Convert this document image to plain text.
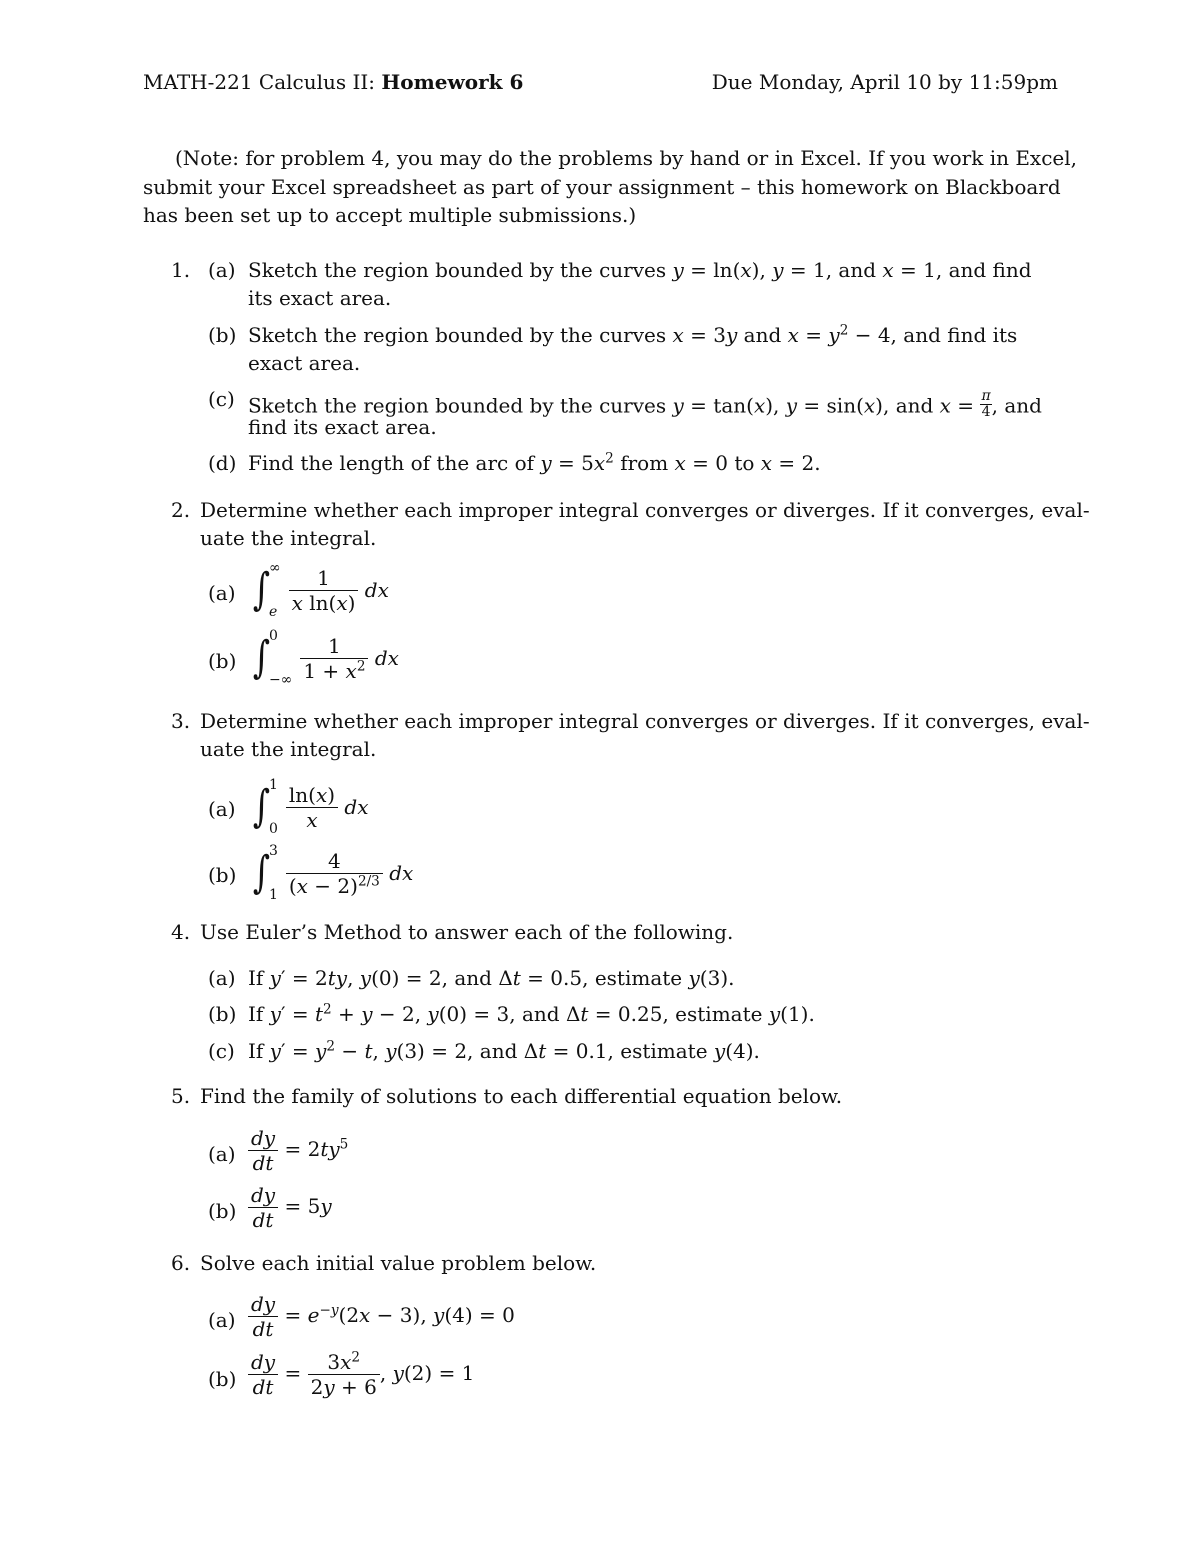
MATH-221 Calculus II: Homework 6	Due Monday, April 10 by 11:59pm
(Note: for problem 4, you may do the problems by hand or in Excel. If you work in Excel,
submit your Excel spreadsheet as part of your assignment – this homework on Blackboard
has been set up to accept multiple submissions.)
1. (a) Sketch the region bounded by the curves y = ln(x), y = 1, and x = 1, and find
its exact area.
(b) Sketch the region bounded by the curves x = 3y and $x = y^2 - 4$, and find its
exact area.
(c) Sketch the region bounded by the curves y = tan(x), y = sin(x), and $x = \frac{\pi}{4}$ , and
find its exact area.
(d) Find the length of the arc of $y = 5x^2$ from x = 0 to x = 2.
2. Determine whether each improper integral converges or diverges. If it converges, eval-
uate the integral.
(a) ∫
∞
e $\frac{1}{\text{x ln(x)}}$
dx
(b) ∫
0
−∞ $\frac{1}{1 + x^2}$
dx
3. Determine whether each improper integral converges or diverges. If it converges, eval-
uate the integral.
(a) ∫
1
$0 \frac{\ln(x)}{x}$
dx
(b) ∫
3
$1 \frac{4}{(x - 2)^{2/3}}$
dx
4. Use Euler’s Method to answer each of the following.
(a) If y′ = 2ty, y(0) = 2, and Δt = 0.5, estimate y(3).
(b) If $y' = t^2 + y - 2$, y(0) = 3, and Δt = 0.25, estimate y(1).
(c) If $y' = y^2 - t$, y(3) = 2, and Δt = 0.1, estimate y(4).
5. Find the family of solutions to each differential equation below.
$(a) \frac{dy}{dt} = 2ty^5$
$(b) \frac{dy}{dt} = 5y$
6. Solve each initial value problem below.
$(a) \frac{dy}{dt} = e^{-y}(2x - 3)$, y(4) = 0
$(b) \frac{dy}{dt} = \frac{3x^2}{2y + 6}$ , y(2) = 1
